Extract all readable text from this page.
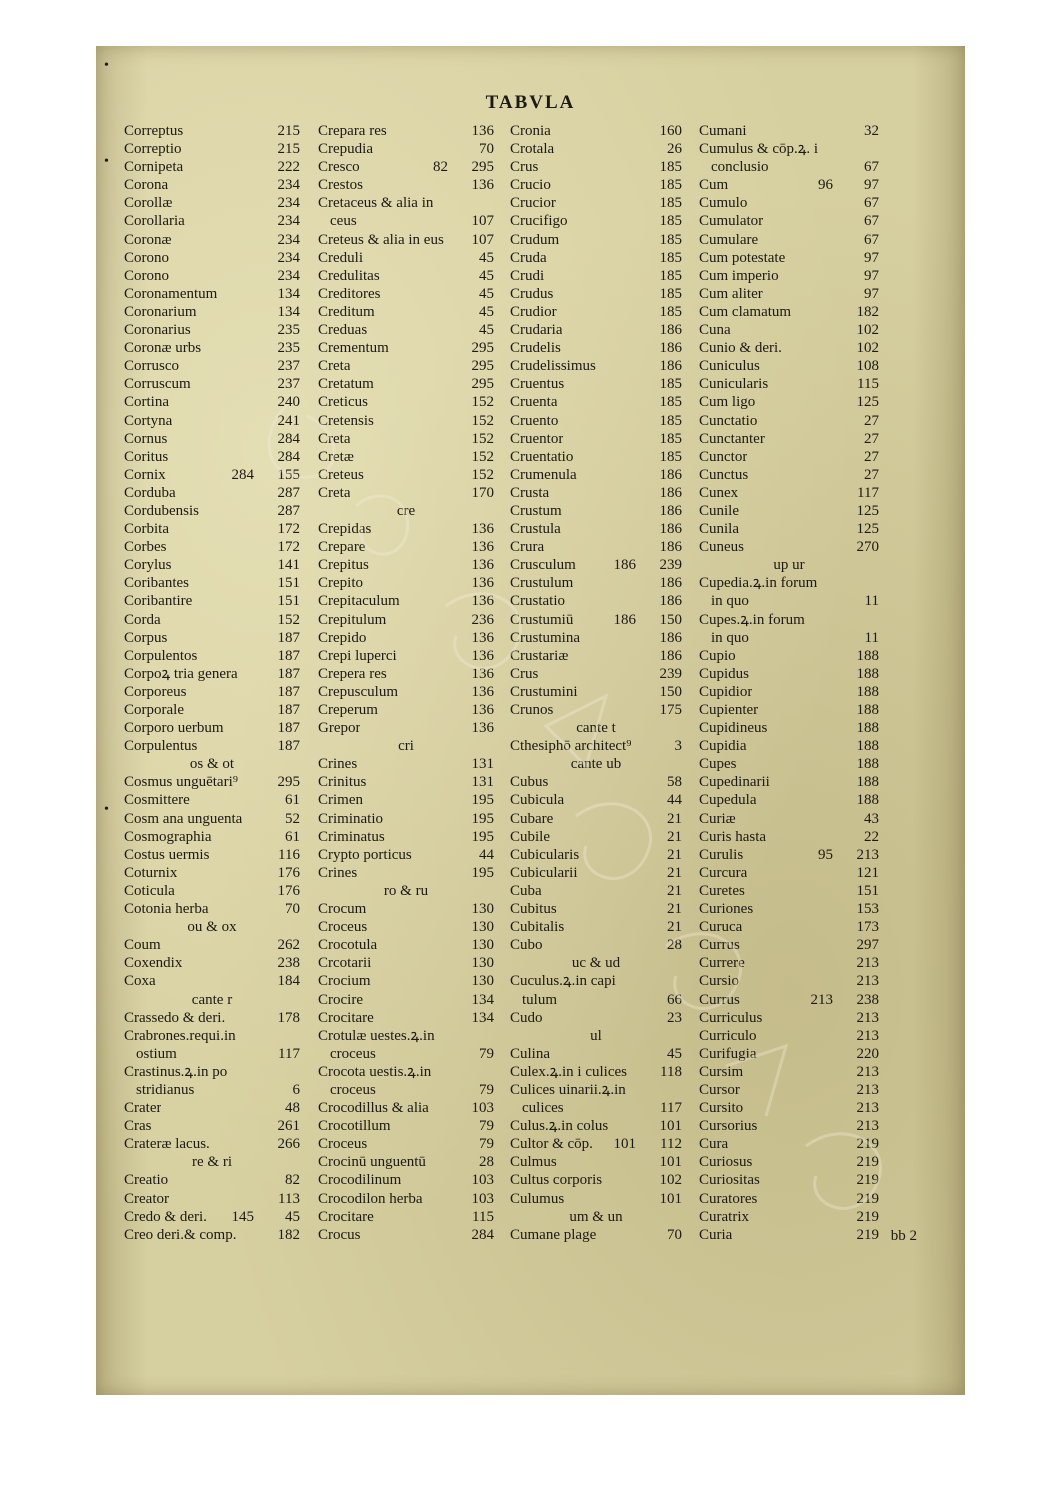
•
•
•
TABVLA
Correptus	215
Correptio	215
Cornipeta	222
Corona	234
Corollæ	234
Corollaria	234
Coronæ	234
Corono	234
Corono	234
Coronamentum	134
Coronarium	134
Coronarius	235
Coronæ urbs	235
Corrusco	237
Corruscum	237
Cortina	240
Cortyna	241
Cornus	284
Coritus	284
Cornix	284 155
Corduba	287
Cordubensis	287
Corbita	172
Corbes	172
Corylus	141
Coribantes	151
Coribantire	151
Corda	152
Corpus	187
Corpulentos	187
Corpoꝝ tria genera	187
Corporeus	187
Corporale	187
Corporo uerbum	187
Corpulentus	187
os & ot
Cosmus unguētari⁹	295
Cosmittere	61
Cosm ana unguenta	52
Cosmographia	61
Costus uermis	116
Coturnix	176
Coticula	176
Cotonia herba	70
ou & ox
Coum	262
Coxendix	238
Coxa	184
cante r
Crassedo & deri.	178
Crabrones.requi.in
ostium	117
Crastinus.ꝝ.in po
stridianus	6
Crater	48
Cras	261
Crateræ lacus.	266
re & ri
Creatio	82
Creator	113
Credo & deri. 145 45
Creo deri.& comp.	182
Crepara res	136
Crepudia	70
Cresco	82 295
Crestos	136
Cretaceus & alia in
ceus	107
Creteus & alia in eus 107
Creduli	45
Credulitas	45
Creditores	45
Creditum	45
Creduas	45
Crementum	295
Creta	295
Cretatum	295
Creticus	152
Cretensis	152
Creta	152
Cretæ	152
Creteus	152
Creta	170
cre
Crepidas	136
Crepare	136
Crepitus	136
Crepito	136
Crepitaculum	136
Crepitulum	236
Crepido	136
Crepi luperci	136
Crepera res	136
Crepusculum	136
Creperum	136
Grepor	136
cri
Crines	131
Crinitus	131
Crimen	195
Criminatio	195
Criminatus	195
Crypto porticus	44
Crines	195
ro & ru
Crocum	130
Croceus	130
Crocotula	130
Crcotarii	130
Crocium	130
Crocire	134
Crocitare	134
Crotulæ uestes.ꝝ.in
croceus	79
Crocota uestis.ꝝ.in
croceus	79
Crocodillus & alia	103
Crocotillum	79
Croceus	79
Crocinū unguentū	28
Crocodilinum	103
Crocodilon herba	103
Crocitare	115
Crocus	284
Cronia	160
Crotala	26
Crus	185
Crucio	185
Crucior	185
Crucifigo	185
Crudum	185
Cruda	185
Crudi	185
Crudus	185
Crudior	185
Crudaria	186
Crudelis	186
Crudelissimus	186
Cruentus	185
Cruenta	185
Cruento	185
Cruentor	185
Cruentatio	185
Crumenula	186
Crusta	186
Crustum	186
Crustula	186
Crura	186
Crusculum	186 239
Crustulum	186
Crustatio	186
Crustumiū	186 150
Crustumina	186
Crustariæ	186
Crus	239
Crustumini	150
Crunos	175
cante t
Cthesiphō architect⁹	3
cante ub
Cubus	58
Cubicula	44
Cubare	21
Cubile	21
Cubicularis	21
Cubicularii	21
Cuba	21
Cubitus	21
Cubitalis	21
Cubo	28
uc & ud
Cuculus.ꝝ.in capi
tulum	66
Cudo	23
ul
Culina	45
Culex.ꝝ.in i culices 118
Culices uinarii.ꝝ.in
culices	117
Culus.ꝝ.in colus	101
Cultor & cōp. 101 112
Culmus	101
Cultus corporis	102
Culumus	101
um & un
Cumane plage	70
Cumani	32
Cumulus & cōp.ꝝ. i
conclusio	67
Cum	96 97
Cumulo	67
Cumulator	67
Cumulare	67
Cum potestate	97
Cum imperio	97
Cum aliter	97
Cum clamatum	182
Cuna	102
Cunio & deri.	102
Cuniculus	108
Cunicularis	115
Cum ligo	125
Cunctatio	27
Cunctanter	27
Cunctor	27
Cunctus	27
Cunex	117
Cunile	125
Cunila	125
Cuneus	270
up ur
Cupedia.ꝝ.in forum
in quo	11
Cupes.ꝝ.in forum
in quo	11
Cupio	188
Cupidus	188
Cupidior	188
Cupienter	188
Cupidineus	188
Cupidia	188
Cupes	188
Cupedinarii	188
Cupedula	188
Curiæ	43
Curis hasta	22
Curulis	95 213
Curcura	121
Curetes	151
Curiones	153
Curuca	173
Currus	297
Currere	213
Cursio	213
Currus	213 238
Curriculus	213
Curriculo	213
Curifugia	220
Cursim	213
Cursor	213
Cursito	213
Cursorius	213
Cura	219
Curiosus	219
Curiositas	219
Curatores	219
Curatrix	219
Curia	219 bb 2
